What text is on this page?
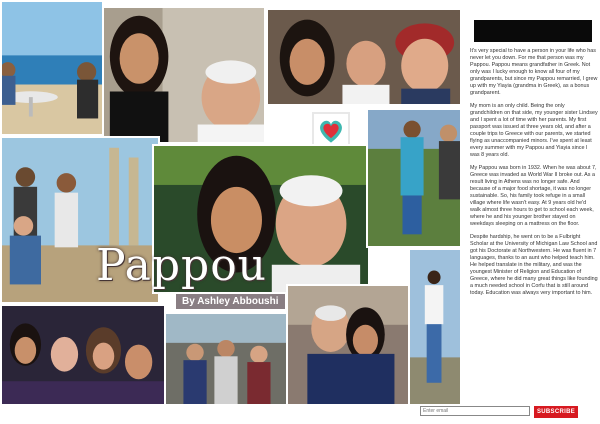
Pappou
By Ashley Abboushi

It's very special to have a person in your life who has never let you down. For me that person was my Pappou. Pappou means grandfather in Greek. Not only was I lucky enough to know all four of my grandparents, but since my Pappou remarried, I grew up with my Yiayia (grandma in Greek), as a bonus grandparent.

My mom is an only child. Being the only grandchildren on that side, my younger sister Lindsey and I spent a lot of time with her parents. My first passport was issued at three years old, and after a couple trips to Greece with our parents, we started flying as unaccompanied minors. I've spent at least every summer with my Pappou and Yiayia since I was 8 years old.

My Pappou was born in 1932. When he was about 7, Greece was invaded as World War II broke out. As a result living in Athens was no longer safe. And because of a major food shortage, it was no longer sustainable. So, his family took refuge in a small village where life wasn't easy. At 9 years old he'd walk almost three hours to get to school each week, where he and his younger brother stayed on weekdays sleeping on a mattress on the floor.

Despite hardship, he went on to be a Fulbright Scholar at the University of Michigan Law School and got his Doctorate at Northwestern. He was fluent in 7 languages, thanks to an aunt who helped teach him. He helped translate in the military, and was the youngest Minister of Religion and Education of Greece, where he did many great things like founding a much needed school in Corfu that is still around today. Education was always very important to him.

Enter email
SUBSCRIBE
